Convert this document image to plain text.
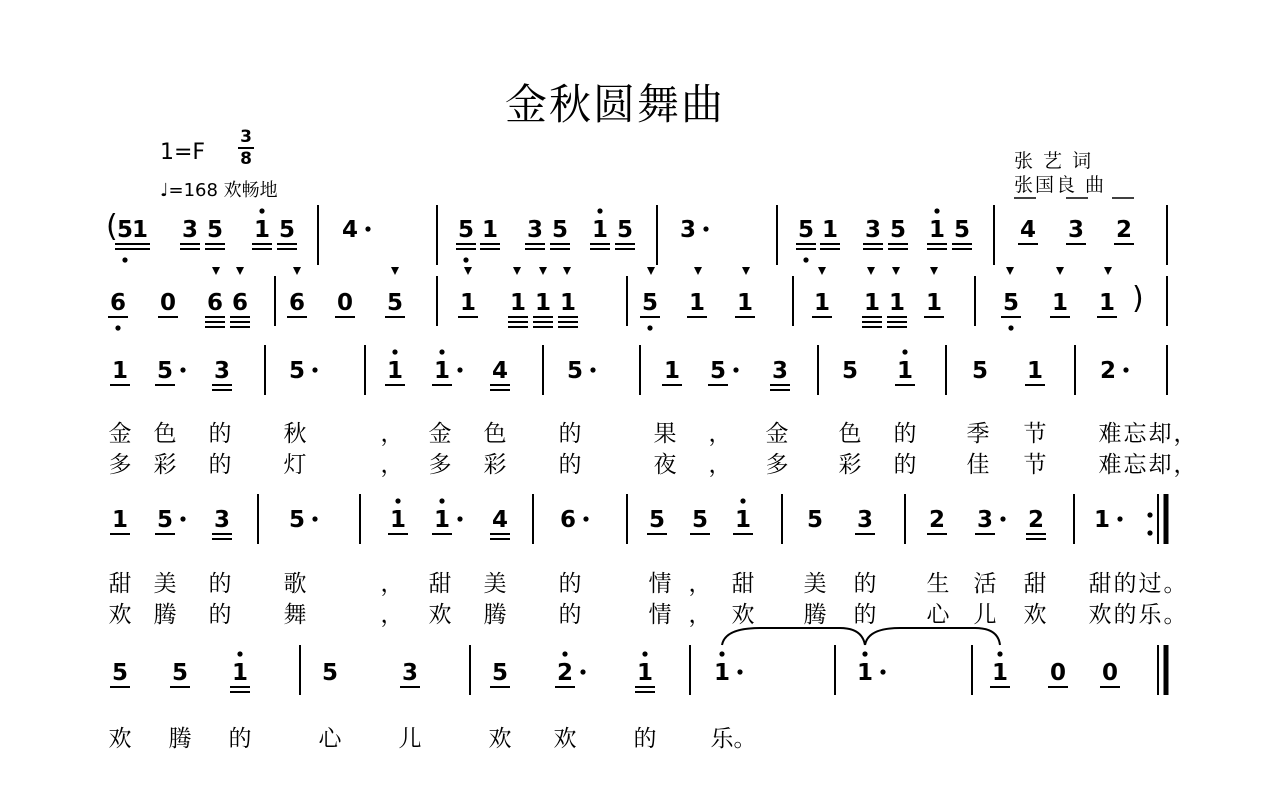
金秋圆舞曲
1=F
3
8
♩=168 欢畅地
张 艺 词
张国良 曲
(
)
5
1 3 5 1 5 4	5 1 3 5 1 5 3	5 1 3 5 1 5 4 3 2
6 0 6 6 6 0 5 1 1 1 1	5 1 1	1 1 1 1	5 1 1
1 5 3	5	1 1 4	5	1 5 3 5 1	5 1 2
1 5 3	5	1 1 4 6	5 5 1 5 3 2 3 2 1
5 5 1	5	3	5 2	1	1	1	1 0 0
金 色 的 秋	， 金 色 的	果 ， 金 色 的 季 节 难 忘 却 ，
多 彩 的 灯	， 多 彩 的	夜 ， 多 彩 的 佳 节 难 忘 却 ，
甜 美 的 歌	， 甜 美 的	情 ， 甜 美 的 生 活 甜 甜 的 过 。
欢 腾 的 舞	， 欢 腾 的	情 ， 欢 腾 的 心 儿 欢 欢 的 乐 。
欢 腾 的	心 儿	欢 欢 的 乐 。
